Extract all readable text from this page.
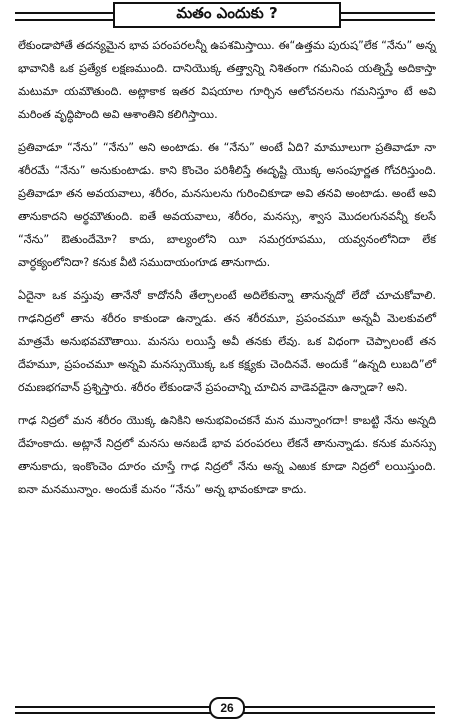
మతం ఎందుకు ?

లేకుండాపోతే తదన్యమైన భావ పరంపరలన్నీ ఉపశమిస్తాయి. ఈ“ఉత్తమ పురుష”లేక “నేను” అన్న భావానికి ఒక ప్రత్యేక లక్షణముంది. దానియొక్క తత్త్వాన్ని నిశితంగా గమనింప యత్నిస్తే అదికాస్తా మటుమా యమౌతుంది. అట్లాకాక ఇతర విషయాల గూర్చిన ఆలోచనలను గమనిస్తూం టే అవి మరింత వృద్ధిపొంది అవి ఆశాంతిని కలిగిస్తాయి.

ప్రతివాడూ “నేను” “నేను” అని అంటాడు. ఈ “నేను” అంటే ఏది? మామూలుగా ప్రతివాడూ నా శరీరమే “నేను” అనుకుంటాడు. కాని కొంచెం పరిశీలిస్తే ఈదృష్టి యొక్క అసంపూర్ణత గోచరిస్తుంది. ప్రతివాడూ తన అవయవాలు, శరీరం, మనసులను గురించికూడా అవి తనవి అంటాడు. అంటే అవి తానుకాదని అర్థమౌతుంది. ఐతే అవయవాలు, శరీరం, మనస్సు, శ్వాస మొదలగునవన్నీ కలసే “నేను” ఔతుందేమో? కాదు, బాల్యంలోని యీ సమగ్రరూపము, యవ్వనంలోనిదా లేక వార్ధక్యంలోనిదా? కనుక వీటి సముదాయంగూడ తానుగాదు.

ఏదైనా ఒక వస్తువు తానేనో కాదోననీ తేల్చాలంటే అదిలేకున్నా తానున్నదో లేదో చూచుకోవాలి. గాఢనిద్రలో తాను శరీరం కాకుండా ఉన్నాడు. తన శరీరమూ, ప్రపంచమూ అన్నవీ మెలకువలో మాత్రమే అనుభవమౌతాయి. మనసు లయిస్తే అవీ తనకు లేవు. ఒక విధంగా చెప్పాలంటే తన దేహమూ, ప్రపంచమూ అన్నవి మనస్సుయొక్క ఒక కక్ష్యకు చెందినవే. అందుకే “ఉన్నది లుబది”లో రమణభగవాన్ ప్రశ్నిస్తారు. శరీరం లేకుండానే ప్రపంచాన్ని చూచిన వాడెవడైనా ఉన్నాడా? అని.

గాఢ నిద్రలో మన శరీరం యొక్క ఉనికిని అనుభవించకనే మన మున్నాంగదా! కాబట్టి నేను అన్నది దేహంకాదు. అట్లానే నిద్రలో మనసు అనబడే భావ పరంపరలు లేకనే తానున్నాడు. కనుక మనస్సు తానుకాదు, ఇంకొంచెం దూరం చూస్తే గాఢ నిద్రలో నేను అన్న ఎఱుక కూడా నిద్రలో లయిస్తుంది. ఐనా మనమున్నాం. అందుకే మనం “నేను” అన్న భావంకూడా కాదు.

26
